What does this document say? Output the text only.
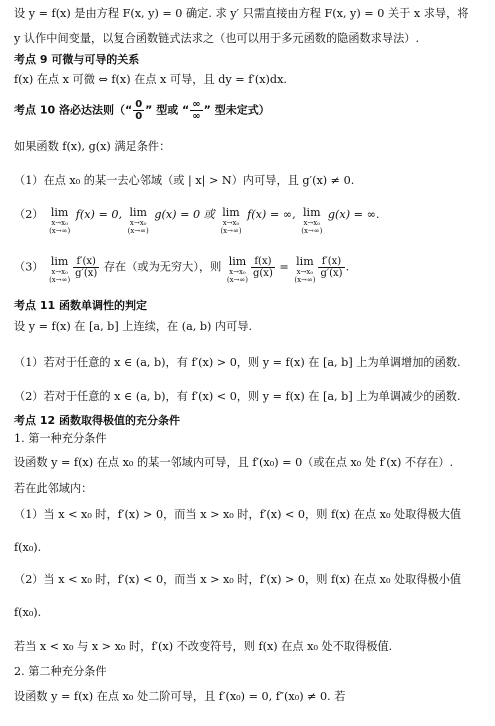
设 y = f(x) 是由方程 F(x, y) = 0 确定. 求 y′ 只需直接由方程 F(x, y) = 0 关于 x 求导，将
y 认作中间变量，以复合函数链式法求之（也可以用于多元函数的隐函数求导法）.
考点 9 可微与可导的关系
f(x) 在点 x 可微 ⇔ f(x) 在点 x 可导，且 dy = f′(x)dx.
考点 10 洛必达法则（“ $\frac{0}{0}$ ” 型或 “ $\frac{\infty}{\infty}$ ” 型未定式）
如果函数 f(x), g(x) 满足条件：
（1）在点 x₀ 的某一去心邻域（或 | x| > N）内可导，且 g′(x) ≠ 0.
（2） lim
x→x₀
(x→∞)
f(x) = 0, lim
x→x₀
(x→∞)
g(x) = 0 或 lim
x→x₀
(x→∞)
f(x) = ∞, lim
x→x₀
(x→∞)
g(x) = ∞.
（3） lim
x→x₀
(x→∞)
$\frac{f'(x)}{g'(x)}$ 存在（或为无穷大），则 lim
x→x₀
(x→∞)
$\frac{f(x)}{g(x)} = \lim$
x→x₀
(x→∞)
$\frac{f'(x)}{g'(x)}$ .
考点 11 函数单调性的判定
设 y = f(x) 在 [a, b] 上连续，在 (a, b) 内可导.
（1）若对于任意的 x ∈ (a, b)，有 f′(x) > 0，则 y = f(x) 在 [a, b] 上为单调增加的函数.
（2）若对于任意的 x ∈ (a, b)，有 f′(x) < 0，则 y = f(x) 在 [a, b] 上为单调减少的函数.
考点 12 函数取得极值的充分条件
1. 第一种充分条件
设函数 y = f(x) 在点 x₀ 的某一邻域内可导，且 f′(x₀) = 0（或在点 x₀ 处 f′(x) 不存在）.
若在此邻域内：
（1）当 x < x₀ 时，f′(x) > 0，而当 x > x₀ 时，f′(x) < 0，则 f(x) 在点 x₀ 处取得极大值
f(x₀).
（2）当 x < x₀ 时，f′(x) < 0，而当 x > x₀ 时，f′(x) > 0，则 f(x) 在点 x₀ 处取得极小值
f(x₀).
若当 x < x₀ 与 x > x₀ 时，f′(x) 不改变符号，则 f(x) 在点 x₀ 处不取得极值.
2. 第二种充分条件
设函数 y = f(x) 在点 x₀ 处二阶可导，且 f′(x₀) = 0, f″(x₀) ≠ 0. 若
